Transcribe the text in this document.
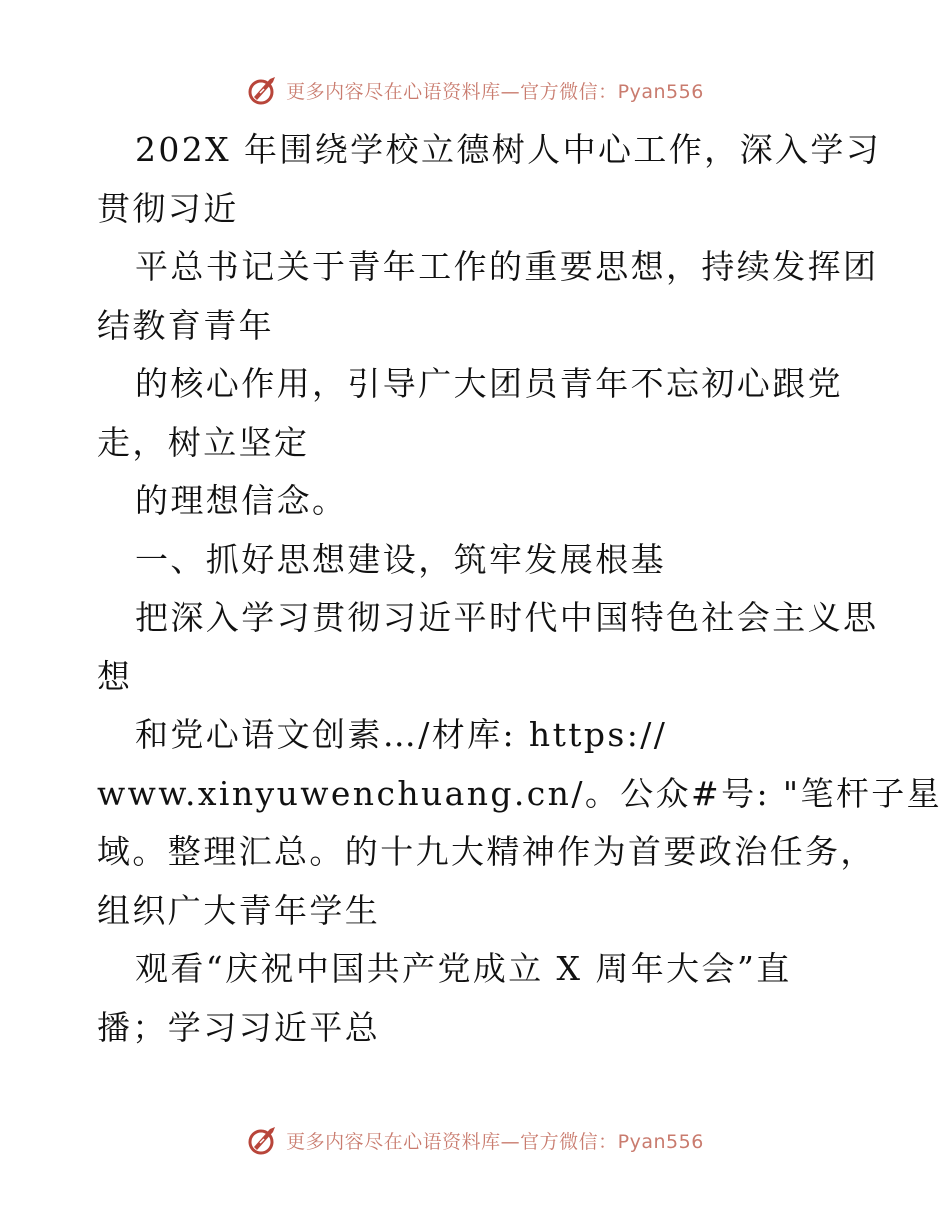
更多内容尽在心语资料库—官方微信：Pyan556
202X 年围绕学校立德树人中心工作，深入学习
贯彻习近
平总书记关于青年工作的重要思想，持续发挥团
结教育青年
的核心作用，引导广大团员青年不忘初心跟党
走，树立坚定
的理想信念。
一、抓好思想建设，筑牢发展根基
把深入学习贯彻习近平时代中国特色社会主义思
想
和党心语文创素…/材库: https://
www.xinyuwenchuang.cn/。公众#号: "笔杆子星
域。整理汇总。的十九大精神作为首要政治任务，
组织广大青年学生
观看“庆祝中国共产党成立 X 周年大会”直
播；学习习近平总
更多内容尽在心语资料库—官方微信：Pyan556
